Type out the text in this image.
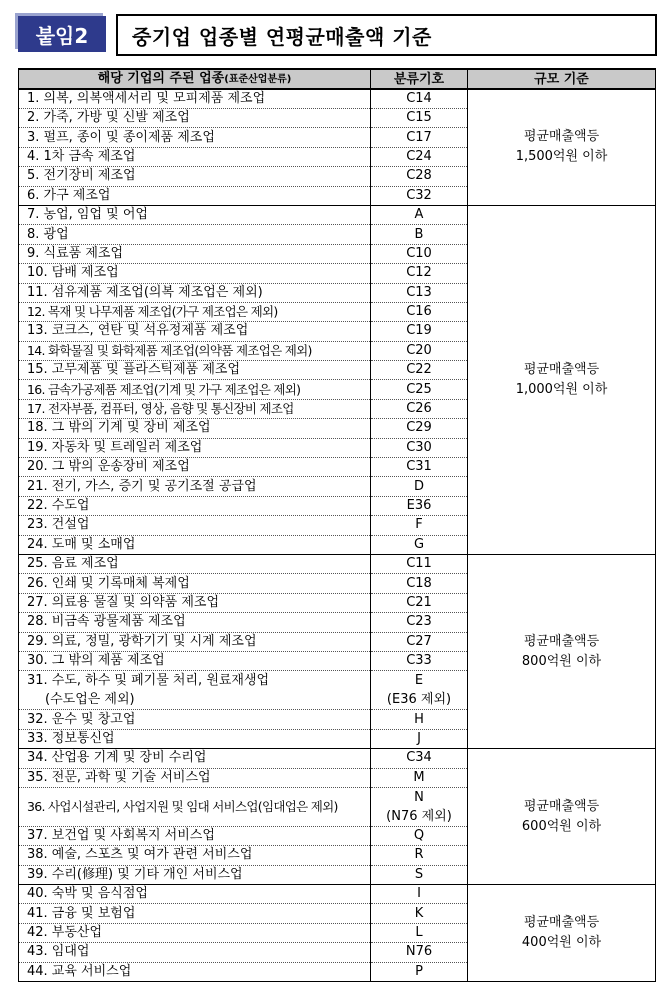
붙임2	중기업 업종별 연평균매출액 기준
해당 기업의 주된 업종(표준산업분류)	분류기호	규모 기준
1. 의복, 의복액세서리 및 모피제품 제조업	C14	평균매출액등
1,500억원 이하

2. 가죽, 가방 및 신발 제조업	C15	
3. 펄프, 종이 및 종이제품 제조업	C17	
4. 1차 금속 제조업	C24	
5. 전기장비 제조업	C28	
6. 가구 제조업	C32	
7. 농업, 임업 및 어업	A	평균매출액등
1,000억원 이하

8. 광업	B	
9. 식료품 제조업	C10	
10. 담배 제조업	C12	
11. 섬유제품 제조업(의복 제조업은 제외)	C13	
12. 목재 및 나무제품 제조업(가구 제조업은 제외)	C16	
13. 코크스, 연탄 및 석유정제품 제조업	C19	
14. 화학물질 및 화학제품 제조업(의약품 제조업은 제외)	C20	
15. 고무제품 및 플라스틱제품 제조업	C22	
16. 금속가공제품 제조업(기계 및 가구 제조업은 제외)	C25	
17. 전자부품, 컴퓨터, 영상, 음향 및 통신장비 제조업	C26	
18. 그 밖의 기계 및 장비 제조업	C29	
19. 자동차 및 트레일러 제조업	C30	
20. 그 밖의 운송장비 제조업	C31	
21. 전기, 가스, 증기 및 공기조절 공급업	D	
22. 수도업	E36	
23. 건설업	F	
24. 도매 및 소매업	G	
25. 음료 제조업	C11	평균매출액등
800억원 이하

26. 인쇄 및 기록매체 복제업	C18	
27. 의료용 물질 및 의약품 제조업	C21	
28. 비금속 광물제품 제조업	C23	
29. 의료, 정밀, 광학기기 및 시계 제조업	C27	
30. 그 밖의 제품 제조업	C33	

31. 수도, 하수 및 폐기물 처리, 원료재생업
(수도업은 제외)	E
(E36 제외)	

32. 운수 및 창고업	H	
33. 정보통신업	J	
34. 산업용 기계 및 장비 수리업	C34	평균매출액등
600억원 이하

35. 전문, 과학 및 기술 서비스업	M	
36. 사업시설관리, 사업지원 및 임대 서비스업(임대업은 제외)	N
(N76 제외)	

37. 보건업 및 사회복지 서비스업	Q	
38. 예술, 스포츠 및 여가 관련 서비스업	R	
39. 수리(修理) 및 기타 개인 서비스업	S	
40. 숙박 및 음식점업	I	평균매출액등
400억원 이하

41. 금융 및 보험업	K	
42. 부동산업	L	
43. 임대업	N76	
44. 교육 서비스업	P	
